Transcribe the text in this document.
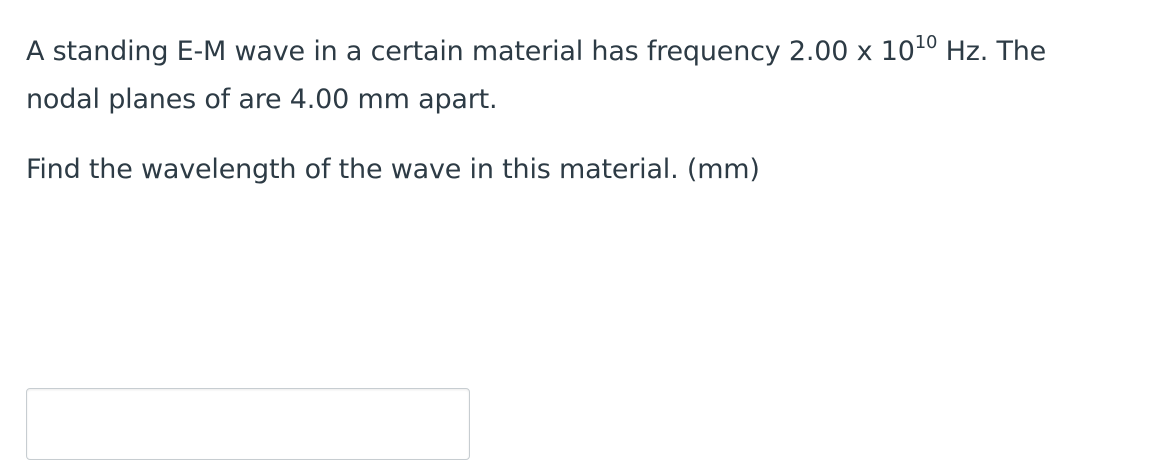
A standing E-M wave in a certain material has frequency 2.00 x $10^{10}$ Hz. The
nodal planes of are 4.00 mm apart.

Find the wavelength of the wave in this material. (mm)
